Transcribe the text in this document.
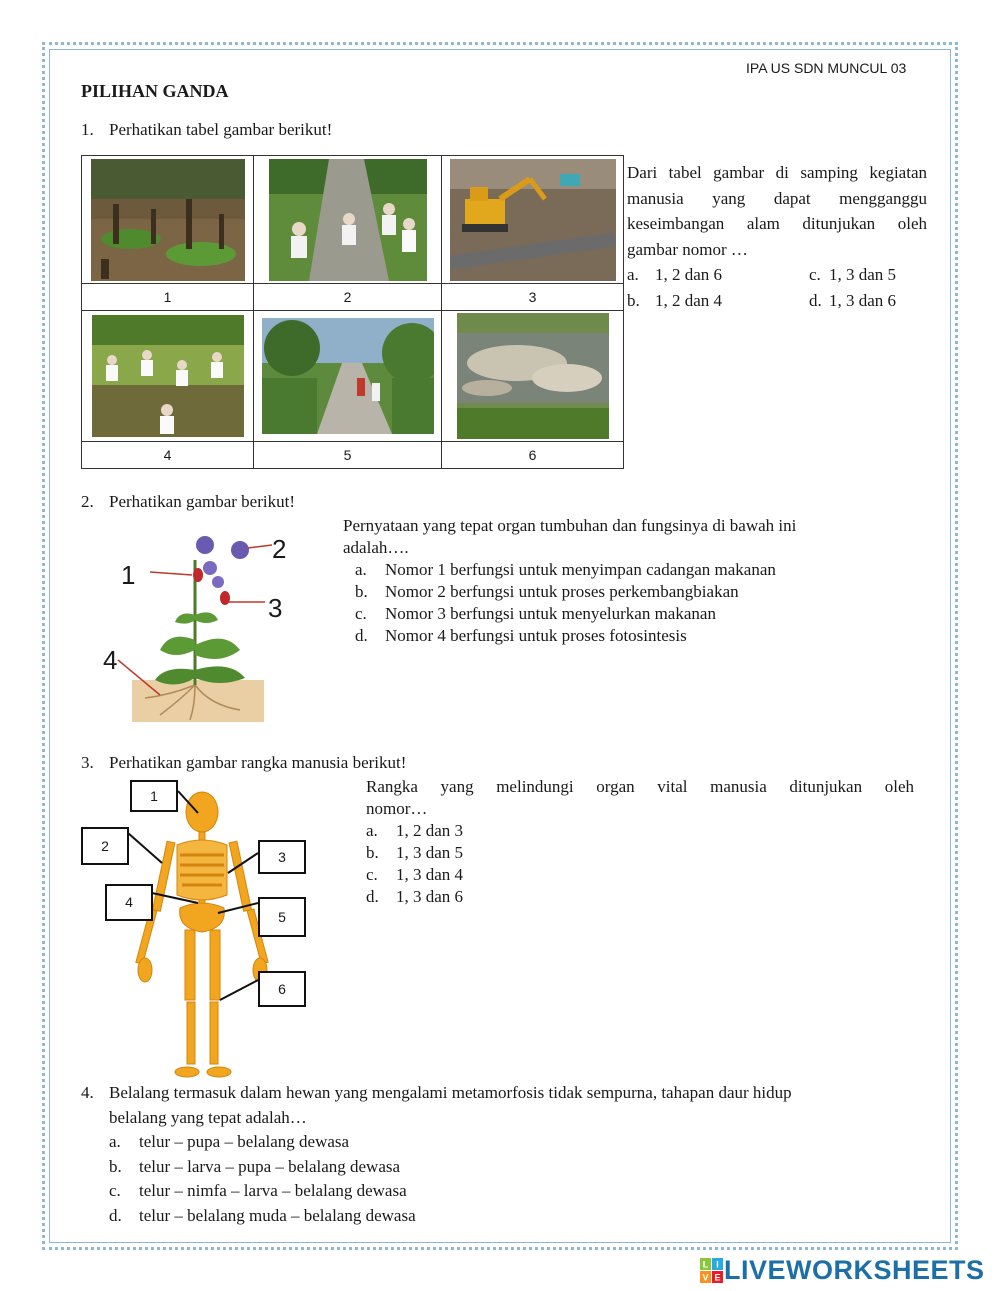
IPA US SDN MUNCUL 03
PILIHAN GANDA
1. Perhatikan tabel gambar berikut!

1	2	3

4	5	6
Dari tabel gambar di samping kegiatan
manusia yang dapat mengganggu
keseimbangan alam ditunjukan oleh
gambar nomor …
a. 1, 2 dan 6	c. 1, 3 dan 5
b. 1, 2 dan 4	d. 1, 3 dan 6
2. Perhatikan gambar berikut!
1
2
3
4
Pernyataan yang tepat organ tumbuhan dan fungsinya di bawah ini
adalah….
a. Nomor 1 berfungsi untuk menyimpan cadangan makanan
b. Nomor 2 berfungsi untuk proses perkembangbiakan
c. Nomor 3 berfungsi untuk menyelurkan makanan
d. Nomor 4 berfungsi untuk proses fotosintesis
3. Perhatikan gambar rangka manusia berikut!
1
2
3
4
5
6
Rangka yang melindungi organ vital manusia ditunjukan oleh
nomor…
a. 1, 2 dan 3
b. 1, 3 dan 5
c. 1, 3 dan 4
d. 1, 3 dan 6
4. Belalang termasuk dalam hewan yang mengalami metamorfosis tidak sempurna, tahapan daur hidup
belalang yang tepat adalah…
a. telur – pupa – belalang dewasa
b. telur – larva – pupa – belalang dewasa
c. telur – nimfa – larva – belalang dewasa
d. telur – belalang muda – belalang dewasa
L I
V E LIVEWORKSHEETS
